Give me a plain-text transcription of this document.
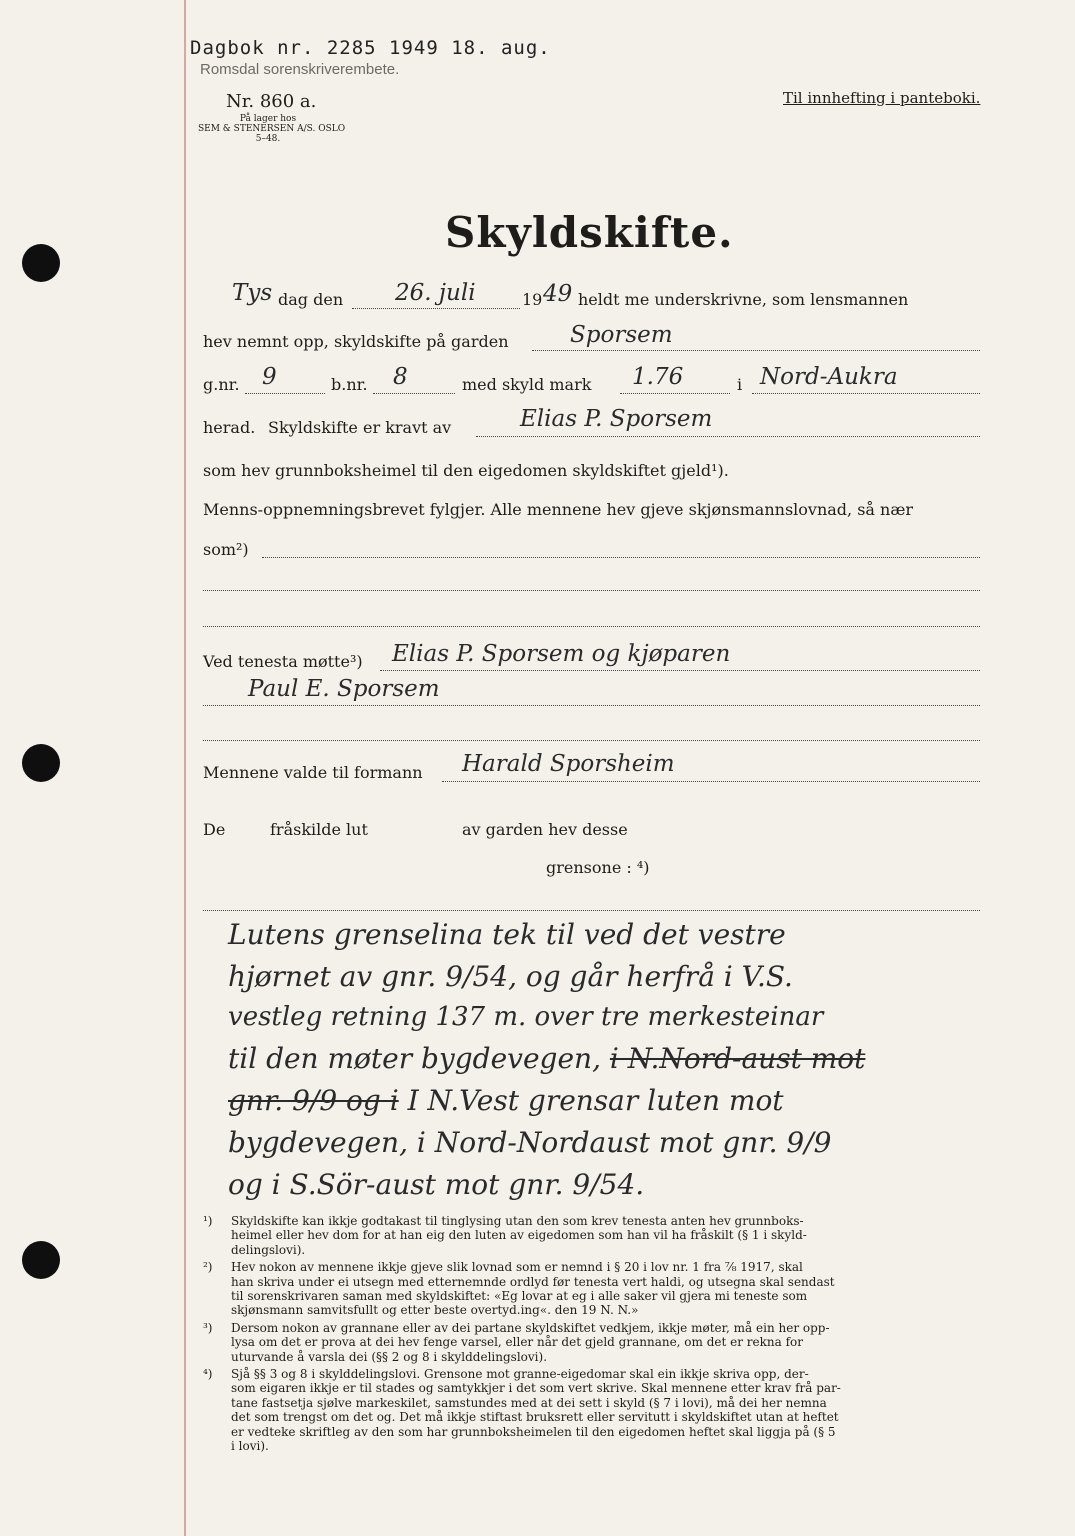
Dagbok nr. 2285 1949 18. aug.
Romsdal sorenskriverembete.
Nr. 860 a.
På lager hos
SEM & STENERSEN A/S. OSLO
5–48.
Til innhefting i panteboki.
Skyldskifte.
Tys dag den 26. juli	19 49 heldt me underskrivne, som lensmannen
hev nemnt opp, skyldskifte på garden	Sporsem
g.nr. 9	b.nr. 8	med skyld mark 1.76	i Nord-Aukra
herad. Skyldskifte er kravt av	Elias P. Sporsem
som hev grunnboksheimel til den eigedomen skyldskiftet gjeld¹).
Menns-oppnemningsbrevet fylgjer. Alle mennene hev gjeve skjønsmannslovnad, så nær
som²)
Ved tenesta møtte³) Elias P. Sporsem og kjøparen
Paul E. Sporsem
Mennene valde til formann Harald Sporsheim
De	fråskilde lut	av garden hev desse
grensone : ⁴)
Lutens grenselina tek til ved det vestre
hjørnet av gnr. 9/54, og går herfrå i V.S.
vestleg retning 137 m. over tre merkesteinar
til den møter bygdevegen, i N.Nord-aust mot
gnr. 9/9 og i I N.Vest grensar luten mot
bygdevegen, i Nord-Nordaust mot gnr. 9/9
og i S.Sör-aust mot gnr. 9/54.
¹)	Skyldskifte kan ikkje godtakast til tinglysing utan den som krev tenesta anten hev grunnboks-
heimel eller hev dom for at han eig den luten av eigedomen som han vil ha fråskilt (§ 1 i skyld-
delingslovi).
²)	Hev nokon av mennene ikkje gjeve slik lovnad som er nemnd i § 20 i lov nr. 1 fra ⅞ 1917, skal
han skriva under ei utsegn med etternemnde ordlyd før tenesta vert haldi, og utsegna skal sendast
til sorenskrivaren saman med skyldskiftet: «Eg lovar at eg i alle saker vil gjera mi teneste som
skjønsmann samvitsfullt og etter beste overtyd.ing«. den 19 N. N.»
³)	Dersom nokon av grannane eller av dei partane skyldskiftet vedkjem, ikkje møter, må ein her opp-
lysa om det er prova at dei hev fenge varsel, eller når det gjeld grannane, om det er rekna for
uturvande å varsla dei (§§ 2 og 8 i skylddelingslovi).
⁴)	Sjå §§ 3 og 8 i skylddelingslovi. Grensone mot granne-eigedomar skal ein ikkje skriva opp, der-
som eigaren ikkje er til stades og samtykkjer i det som vert skrive. Skal mennene etter krav frå par-
tane fastsetja sjølve markeskilet, samstundes med at dei sett i skyld (§ 7 i lovi), må dei her nemna
det som trengst om det og. Det må ikkje stiftast bruksrett eller servitutt i skyldskiftet utan at heftet
er vedteke skriftleg av den som har grunnboksheimelen til den eigedomen heftet skal liggja på (§ 5
i lovi).
